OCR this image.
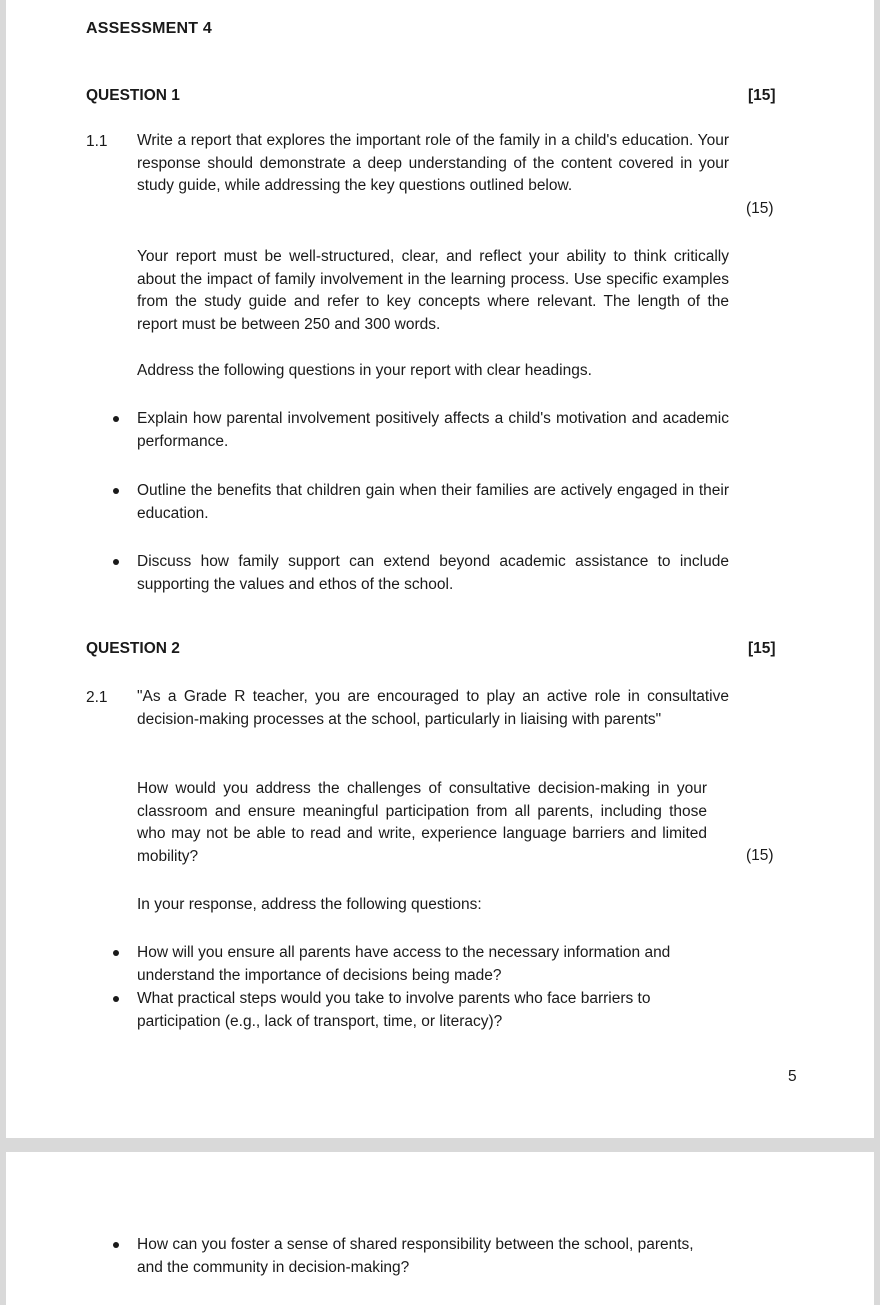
ASSESSMENT 4
QUESTION 1	[15]
1.1 Write a report that explores the important role of the family in a child's education. Your response should demonstrate a deep understanding of the content covered in your study guide, while addressing the key questions outlined below.
(15)
Your report must be well-structured, clear, and reflect your ability to think critically about the impact of family involvement in the learning process. Use specific examples from the study guide and refer to key concepts where relevant. The length of the report must be between 250 and 300 words.
Address the following questions in your report with clear headings.
Explain how parental involvement positively affects a child's motivation and academic performance.
Outline the benefits that children gain when their families are actively engaged in their education.
Discuss how family support can extend beyond academic assistance to include supporting the values and ethos of the school.
QUESTION 2	[15]
2.1 "As a Grade R teacher, you are encouraged to play an active role in consultative decision-making processes at the school, particularly in liaising with parents"
How would you address the challenges of consultative decision-making in your classroom and ensure meaningful participation from all parents, including those who may not be able to read and write, experience language barriers and limited mobility?	(15)
In your response, address the following questions:
How will you ensure all parents have access to the necessary information and understand the importance of decisions being made?
What practical steps would you take to involve parents who face barriers to participation (e.g., lack of transport, time, or literacy)?
5
How can you foster a sense of shared responsibility between the school, parents, and the community in decision-making?
